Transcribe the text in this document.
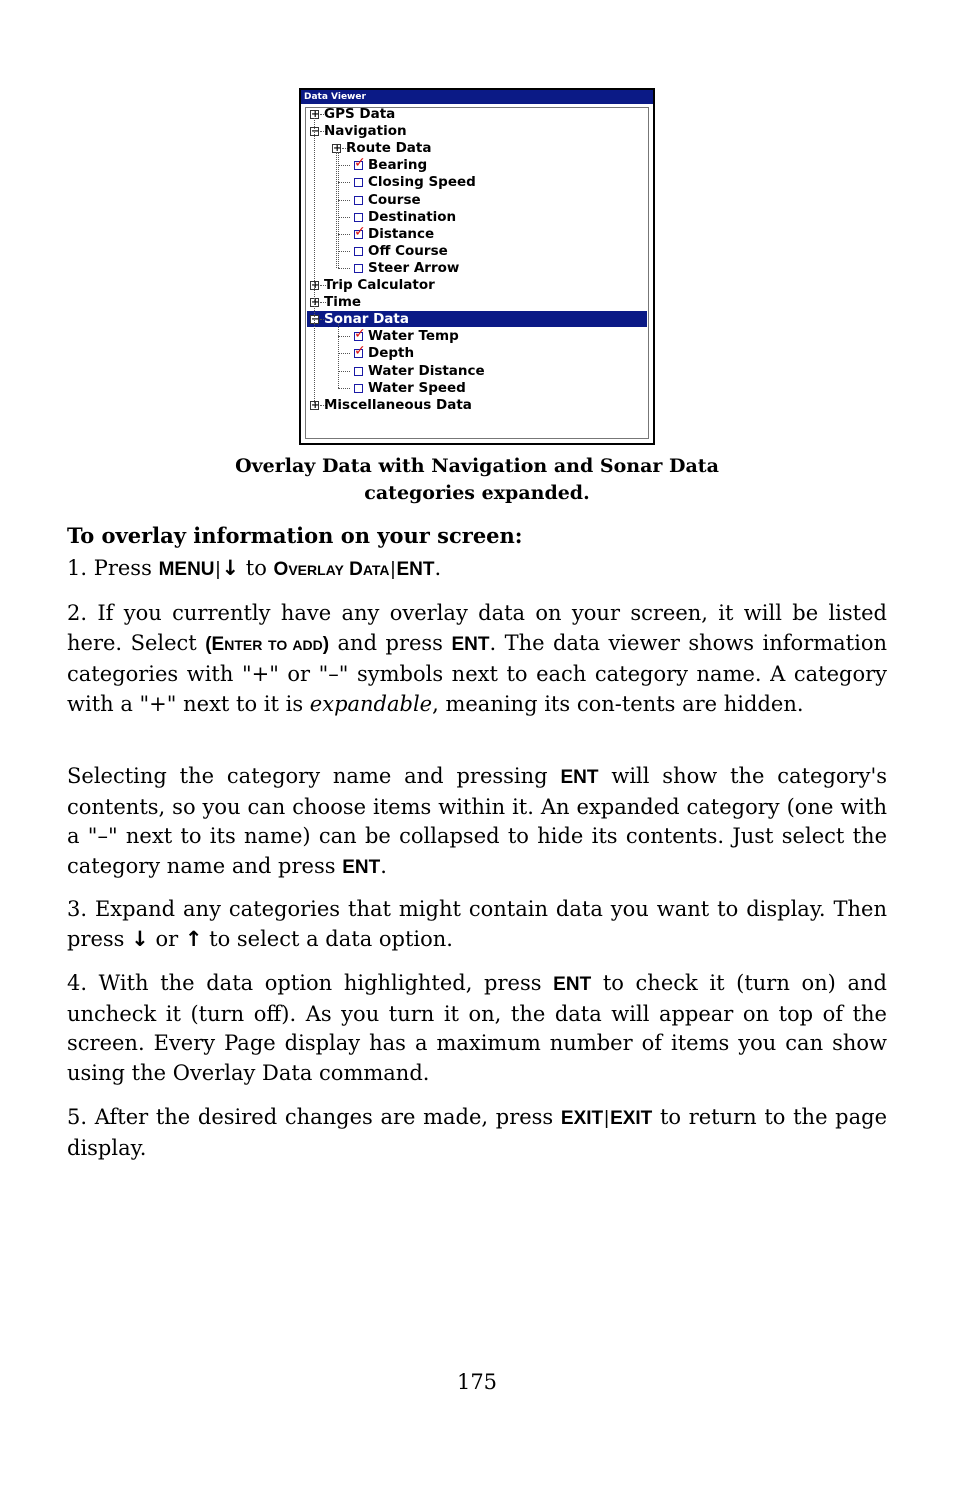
Data Viewer
+ GPS Data
− Navigation
+ Route Data
✓ Bearing
Closing Speed
Course
Destination
✓ Distance
Off Course
Steer Arrow
+ Trip Calculator
+ Time
− Sonar Data
✓ Water Temp
✓ Depth
Water Distance
Water Speed
+ Miscellaneous Data
Overlay Data with Navigation and Sonar Data
categories expanded.
To overlay information on your screen:
1. Press MENU|↓ to OVERLAY DATA|ENT.
2. If you currently have any overlay data on your screen, it will be listed here. Select (ENTER TO ADD) and press ENT. The data viewer shows information categories with "+" or "–" symbols next to each category name. A category with a "+" next to it is expandable, meaning its con-tents are hidden.
Selecting the category name and pressing ENT will show the category's contents, so you can choose items within it. An expanded category (one with a "–" next to its name) can be collapsed to hide its contents. Just select the category name and press ENT.
3. Expand any categories that might contain data you want to display. Then press ↓ or ↑ to select a data option.
4. With the data option highlighted, press ENT to check it (turn on) and uncheck it (turn off). As you turn it on, the data will appear on top of the screen. Every Page display has a maximum number of items you can show using the Overlay Data command.
5. After the desired changes are made, press EXIT|EXIT to return to the page display.
175
